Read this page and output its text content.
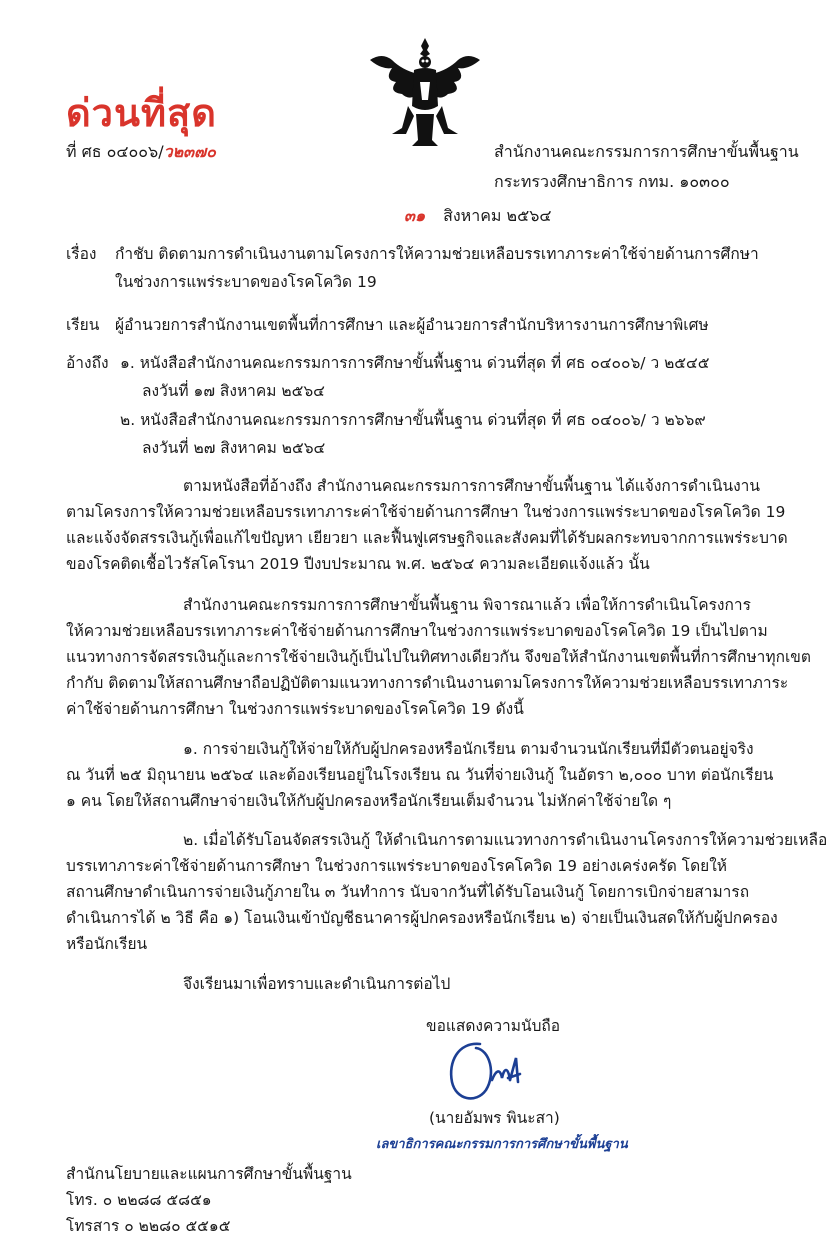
ด่วนที่สุด
ที่ ศธ ๐๔๐๐๖/ว๒๓๗๐	สำนักงานคณะกรรมการการศึกษาขั้นพื้นฐาน
กระทรวงศึกษาธิการ กทม. ๑๐๓๐๐
๓๑ สิงหาคม ๒๕๖๔
เรื่อง กำชับ ติดตามการดำเนินงานตามโครงการให้ความช่วยเหลือบรรเทาภาระค่าใช้จ่ายด้านการศึกษา
ในช่วงการแพร่ระบาดของโรคโควิด 19
เรียน ผู้อำนวยการสำนักงานเขตพื้นที่การศึกษา และผู้อำนวยการสำนักบริหารงานการศึกษาพิเศษ
อ้างถึง ๑. หนังสือสำนักงานคณะกรรมการการศึกษาขั้นพื้นฐาน ด่วนที่สุด ที่ ศธ ๐๔๐๐๖/ ว ๒๕๔๕
ลงวันที่ ๑๗ สิงหาคม ๒๕๖๔
๒. หนังสือสำนักงานคณะกรรมการการศึกษาขั้นพื้นฐาน ด่วนที่สุด ที่ ศธ ๐๔๐๐๖/ ว ๒๖๖๙
ลงวันที่ ๒๗ สิงหาคม ๒๕๖๔
ตามหนังสือที่อ้างถึง สำนักงานคณะกรรมการการศึกษาขั้นพื้นฐาน ได้แจ้งการดำเนินงาน
ตามโครงการให้ความช่วยเหลือบรรเทาภาระค่าใช้จ่ายด้านการศึกษา ในช่วงการแพร่ระบาดของโรคโควิด 19
และแจ้งจัดสรรเงินกู้เพื่อแก้ไขปัญหา เยียวยา และฟื้นฟูเศรษฐกิจและสังคมที่ได้รับผลกระทบจากการแพร่ระบาด
ของโรคติดเชื้อไวรัสโคโรนา 2019 ปีงบประมาณ พ.ศ. ๒๕๖๔ ความละเอียดแจ้งแล้ว นั้น
สำนักงานคณะกรรมการการศึกษาขั้นพื้นฐาน พิจารณาแล้ว เพื่อให้การดำเนินโครงการ
ให้ความช่วยเหลือบรรเทาภาระค่าใช้จ่ายด้านการศึกษาในช่วงการแพร่ระบาดของโรคโควิด 19 เป็นไปตาม
แนวทางการจัดสรรเงินกู้และการใช้จ่ายเงินกู้เป็นไปในทิศทางเดียวกัน จึงขอให้สำนักงานเขตพื้นที่การศึกษาทุกเขต
กำกับ ติดตามให้สถานศึกษาถือปฏิบัติตามแนวทางการดำเนินงานตามโครงการให้ความช่วยเหลือบรรเทาภาระ
ค่าใช้จ่ายด้านการศึกษา ในช่วงการแพร่ระบาดของโรคโควิด 19 ดังนี้
๑. การจ่ายเงินกู้ให้จ่ายให้กับผู้ปกครองหรือนักเรียน ตามจำนวนนักเรียนที่มีตัวตนอยู่จริง
ณ วันที่ ๒๕ มิถุนายน ๒๕๖๔ และต้องเรียนอยู่ในโรงเรียน ณ วันที่จ่ายเงินกู้ ในอัตรา ๒,๐๐๐ บาท ต่อนักเรียน
๑ คน โดยให้สถานศึกษาจ่ายเงินให้กับผู้ปกครองหรือนักเรียนเต็มจำนวน ไม่หักค่าใช้จ่ายใด ๆ
๒. เมื่อได้รับโอนจัดสรรเงินกู้ ให้ดำเนินการตามแนวทางการดำเนินงานโครงการให้ความช่วยเหลือ
บรรเทาภาระค่าใช้จ่ายด้านการศึกษา ในช่วงการแพร่ระบาดของโรคโควิด 19 อย่างเคร่งครัด โดยให้
สถานศึกษาดำเนินการจ่ายเงินกู้ภายใน ๓ วันทำการ นับจากวันที่ได้รับโอนเงินกู้ โดยการเบิกจ่ายสามารถ
ดำเนินการได้ ๒ วิธี คือ ๑) โอนเงินเข้าบัญชีธนาคารผู้ปกครองหรือนักเรียน ๒) จ่ายเป็นเงินสดให้กับผู้ปกครอง
หรือนักเรียน
จึงเรียนมาเพื่อทราบและดำเนินการต่อไป
ขอแสดงความนับถือ
(นายอัมพร พินะสา)
เลขาธิการคณะกรรมการการศึกษาขั้นพื้นฐาน
สำนักนโยบายและแผนการศึกษาขั้นพื้นฐาน
โทร. ๐ ๒๒๘๘ ๕๘๕๑
โทรสาร ๐ ๒๒๘๐ ๕๕๑๕
